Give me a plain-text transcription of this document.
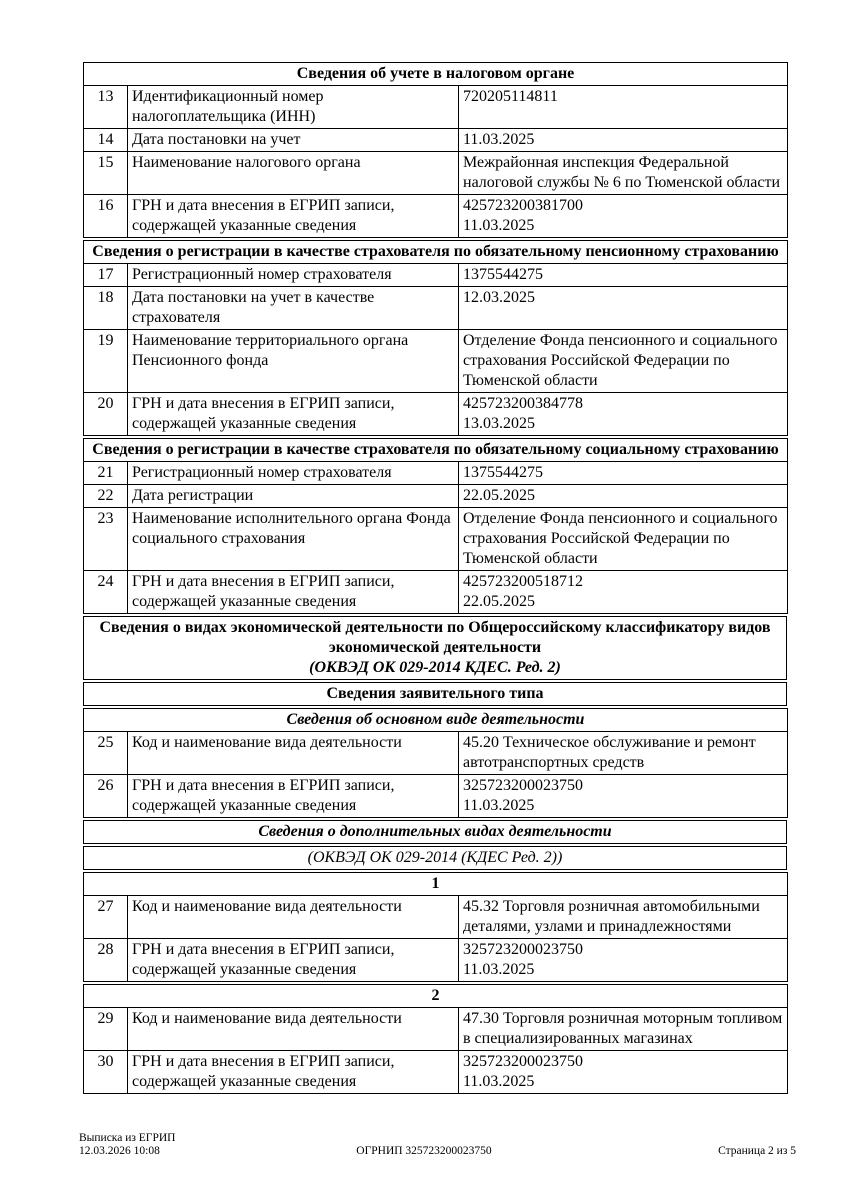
Сведения об учете в налоговом органе		
13	Идентификационный номер налогоплательщика (ИНН)	720205114811

14	Дата постановки на учет	11.03.2025

15	Наименование налогового органа	Межрайонная инспекция Федеральной налоговой службы № 6 по Тюменской области

16	ГРН и дата внесения в ЕГРИП записи, содержащей указанные сведения	425723200381700
11.03.2025
Сведения о регистрации в качестве страхователя по обязательному пенсионному страхованию		
17	Регистрационный номер страхователя	1375544275

18	Дата постановки на учет в качестве страхователя	12.03.2025

19	Наименование территориального органа Пенсионного фонда	Отделение Фонда пенсионного и социального страхования Российской Федерации по Тюменской области

20	ГРН и дата внесения в ЕГРИП записи, содержащей указанные сведения	425723200384778
13.03.2025
Сведения о регистрации в качестве страхователя по обязательному социальному страхованию		
21	Регистрационный номер страхователя	1375544275

22	Дата регистрации	22.05.2025

23	Наименование исполнительного органа Фонда социального страхования	Отделение Фонда пенсионного и социального страхования Российской Федерации по Тюменской области

24	ГРН и дата внесения в ЕГРИП записи, содержащей указанные сведения	425723200518712
22.05.2025
Сведения о видах экономической деятельности по Общероссийскому классификатору видов экономической деятельности
(ОКВЭД ОК 029-2014 КДЕС. Ред. 2)
Сведения заявительного типа
Сведения об основном виде деятельности		
25	Код и наименование вида деятельности	45.20 Техническое обслуживание и ремонт автотранспортных средств

26	ГРН и дата внесения в ЕГРИП записи, содержащей указанные сведения	325723200023750
11.03.2025
Сведения о дополнительных видах деятельности
(ОКВЭД ОК 029-2014 (КДЕС Ред. 2))
1		
27	Код и наименование вида деятельности	45.32 Торговля розничная автомобильными деталями, узлами и принадлежностями

28	ГРН и дата внесения в ЕГРИП записи, содержащей указанные сведения	325723200023750
11.03.2025
2		
29	Код и наименование вида деятельности	47.30 Торговля розничная моторным топливом в специализированных магазинах

30	ГРН и дата внесения в ЕГРИП записи, содержащей указанные сведения	325723200023750
11.03.2025
Выписка из ЕГРИП
12.03.2026 10:08	ОГРНИП 325723200023750	Страница 2 из 5
